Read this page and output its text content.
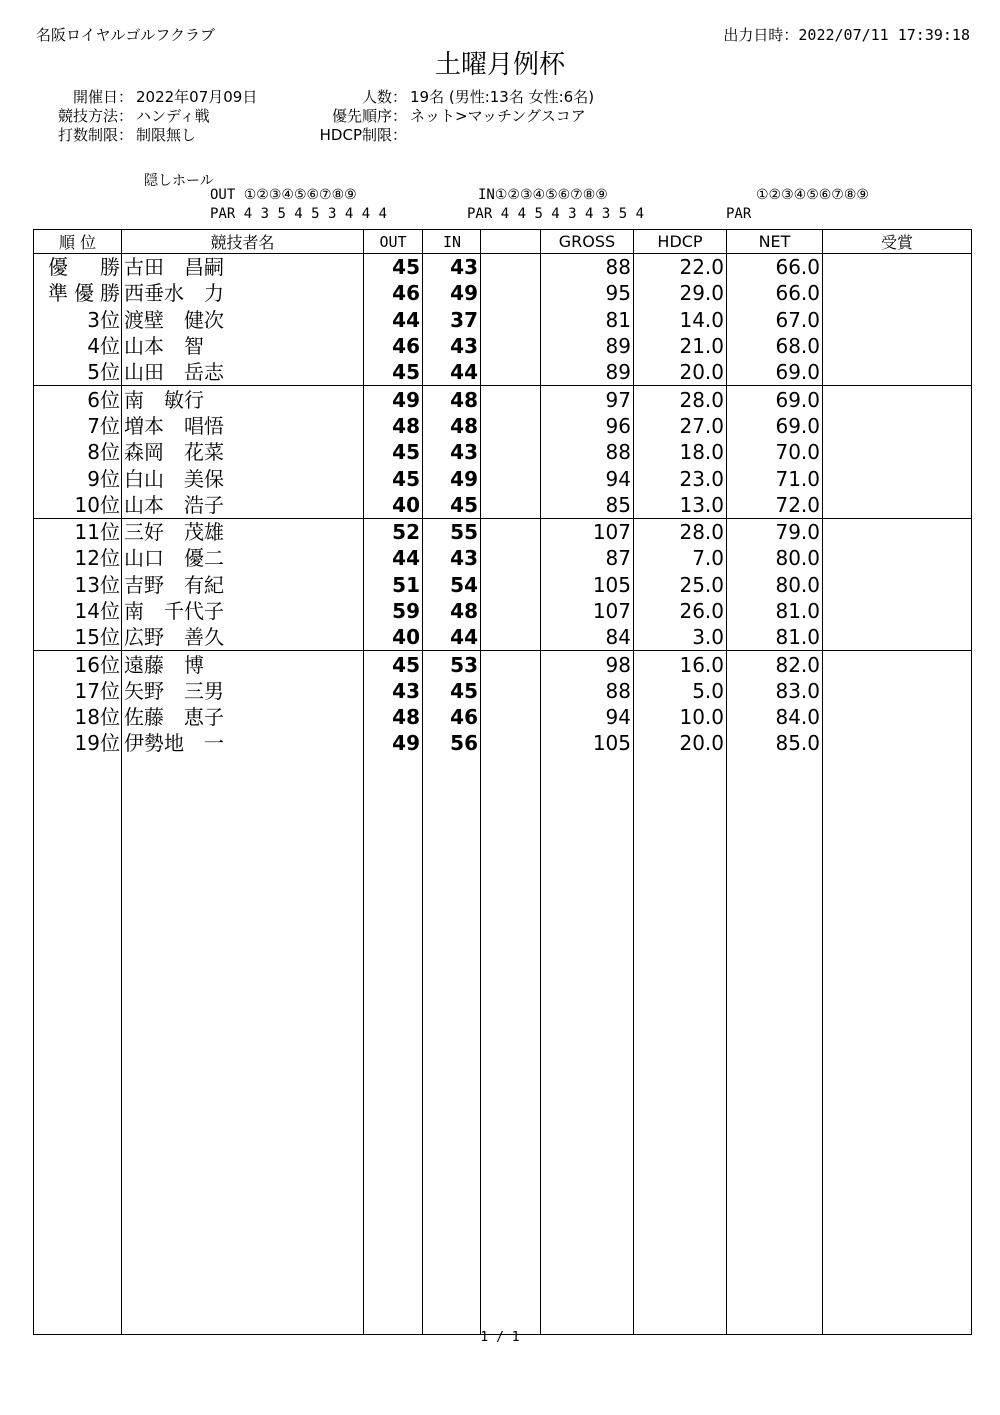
名阪ロイヤルゴルフクラブ	出力日時：2022/07/11 17:39:18
土曜月例杯
開催日： 2022年07月09日	人数： 19名 (男性:13名 女性:6名)
競技方法： ハンディ戦	優先順序： ネット>マッチングスコア
打数制限： 制限無し	HDCP制限：
隠しホール
OUT ①②③④⑤⑥⑦⑧⑨
PAR 4 3 5 4 5 3 4 4 4
IN①②③④⑤⑥⑦⑧⑨
PAR 4 4 5 4 3 4 3 5 4
①②③④⑤⑥⑦⑧⑨
PAR
順 位	競技者名	OUT	IN		GROSS	HDCP	NET	受賞
優　勝	古田　昌嗣	45	43		88	22.0	66.0	
準優勝	西垂水　力	46	49		95	29.0	66.0	
3位	渡壁　健次	44	37		81	14.0	67.0	
4位	山本　智	46	43		89	21.0	68.0	
5位	山田　岳志	45	44		89	20.0	69.0	
6位	南　敏行	49	48		97	28.0	69.0	
7位	増本　唱悟	48	48		96	27.0	69.0	
8位	森岡　花菜	45	43		88	18.0	70.0	
9位	白山　美保	45	49		94	23.0	71.0	
10位	山本　浩子	40	45		85	13.0	72.0	
11位	三好　茂雄	52	55		107	28.0	79.0	
12位	山口　優二	44	43		87	7.0	80.0	
13位	吉野　有紀	51	54		105	25.0	80.0	
14位	南　千代子	59	48		107	26.0	81.0	
15位	広野　善久	40	44		84	3.0	81.0	
16位	遠藤　博	45	53		98	16.0	82.0	
17位	矢野　三男	43	45		88	5.0	83.0	
18位	佐藤　恵子	48	46		94	10.0	84.0	
19位	伊勢地　一	49	56		105	20.0	85.0	

1 / 1
